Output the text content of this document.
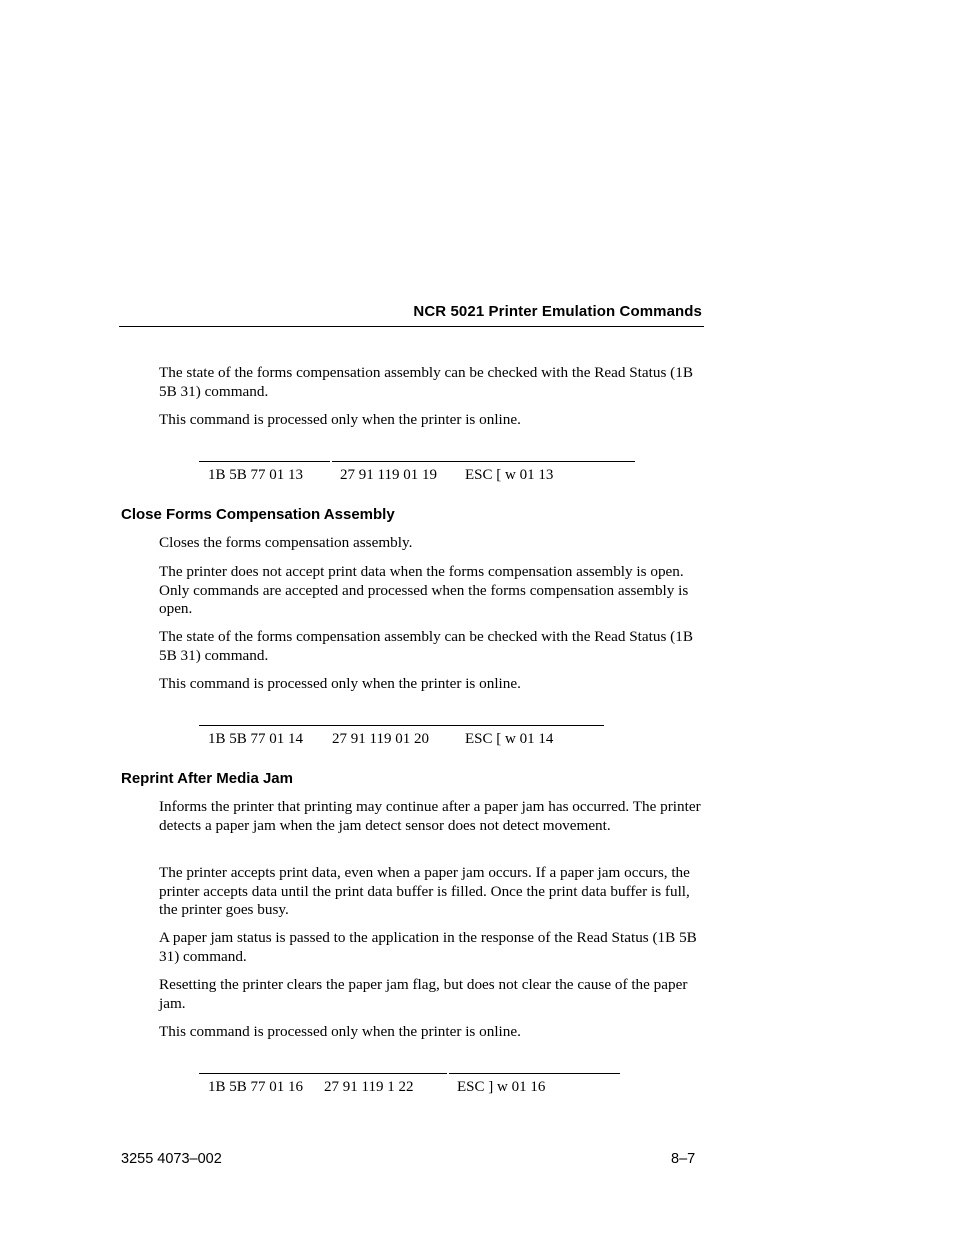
NCR 5021 Printer Emulation Commands

The state of the forms compensation assembly can be checked with the Read Status (1B 5B 31) command.

This command is processed only when the printer is online.

1B 5B 77 01 13 27 91 119 01 19 ESC [ w 01 13
Close Forms Compensation Assembly

Closes the forms compensation assembly.

The printer does not accept print data when the forms compensation assembly is open. Only commands are accepted and processed when the forms compensation assembly is open.

The state of the forms compensation assembly can be checked with the Read Status (1B 5B 31) command.

This command is processed only when the printer is online.

1B 5B 77 01 14 27 91 119 01 20 ESC [ w 01 14
Reprint After Media Jam

Informs the printer that printing may continue after a paper jam has occurred. The printer detects a paper jam when the jam detect sensor does not detect movement.

The printer accepts print data, even when a paper jam occurs. If a paper jam occurs, the printer accepts data until the print data buffer is filled. Once the print data buffer is full, the printer goes busy.

A paper jam status is passed to the application in the response of the Read Status (1B 5B 31) command.

Resetting the printer clears the paper jam flag, but does not clear the cause of the paper jam.

This command is processed only when the printer is online.

1B 5B 77 01 16 27 91 119 1 22	ESC ] w 01 16
3255 4073–002	8–7
